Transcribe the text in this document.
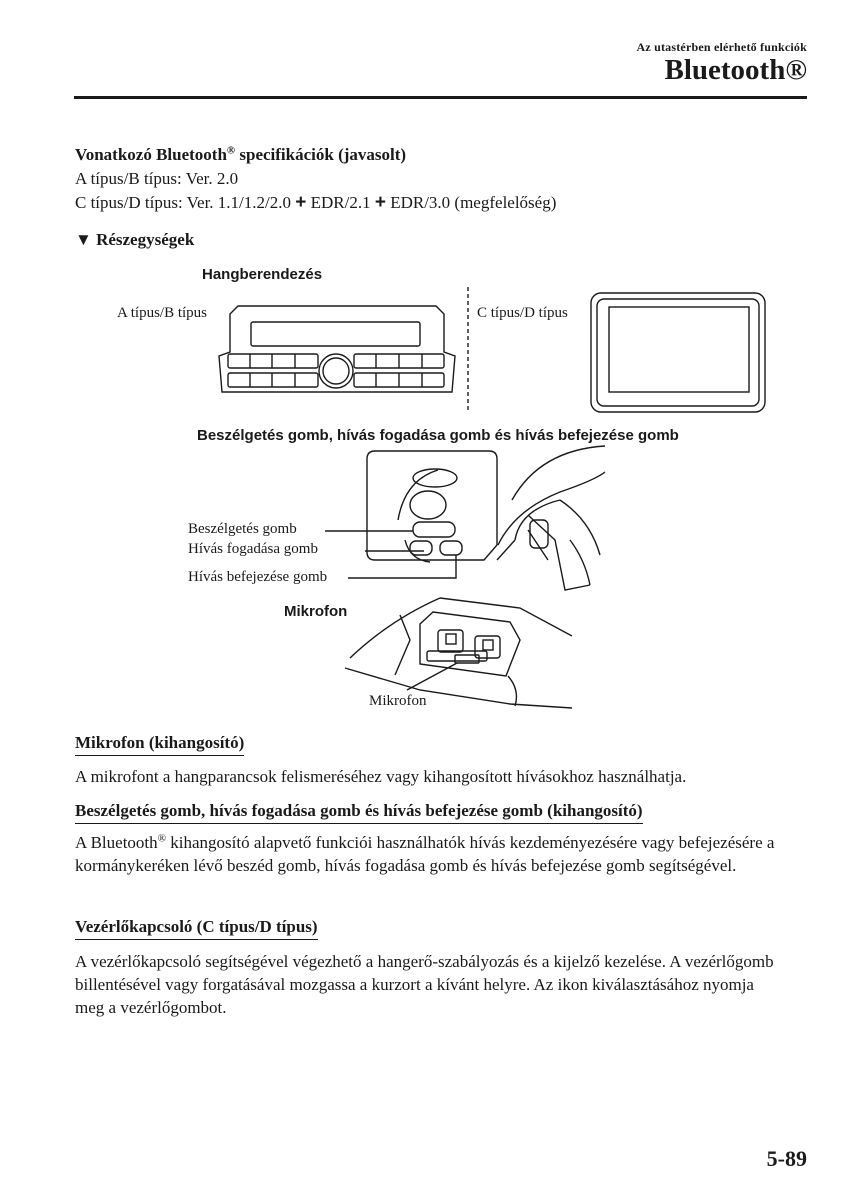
Az utastérben elérhető funkciók
Bluetooth®
Vonatkozó Bluetooth® specifikációk (javasolt)
A típus/B típus: Ver. 2.0
C típus/D típus: Ver. 1.1/1.2/2.0 + EDR/2.1 + EDR/3.0 (megfelelőség)
▼ Részegységek
Hangberendezés
A típus/B típus	C típus/D típus
Beszélgetés gomb, hívás fogadása gomb és hívás befejezése gomb
Beszélgetés gomb
Hívás fogadása gomb
Hívás befejezése gomb
Mikrofon
Mikrofon
Mikrofon (kihangosító)
A mikrofont a hangparancsok felismeréséhez vagy kihangosított hívásokhoz használhatja.
Beszélgetés gomb, hívás fogadása gomb és hívás befejezése gomb (kihangosító)
A Bluetooth® kihangosító alapvető funkciói használhatók hívás kezdeményezésére vagy befejezésére a kormánykeréken lévő beszéd gomb, hívás fogadása gomb és hívás befejezése gomb segítségével.
Vezérlőkapcsoló (C típus/D típus)
A vezérlőkapcsoló segítségével végezhető a hangerő-szabályozás és a kijelző kezelése. A vezérlőgomb billentésével vagy forgatásával mozgassa a kurzort a kívánt helyre. Az ikon kiválasztásához nyomja meg a vezérlőgombot.
5-89
